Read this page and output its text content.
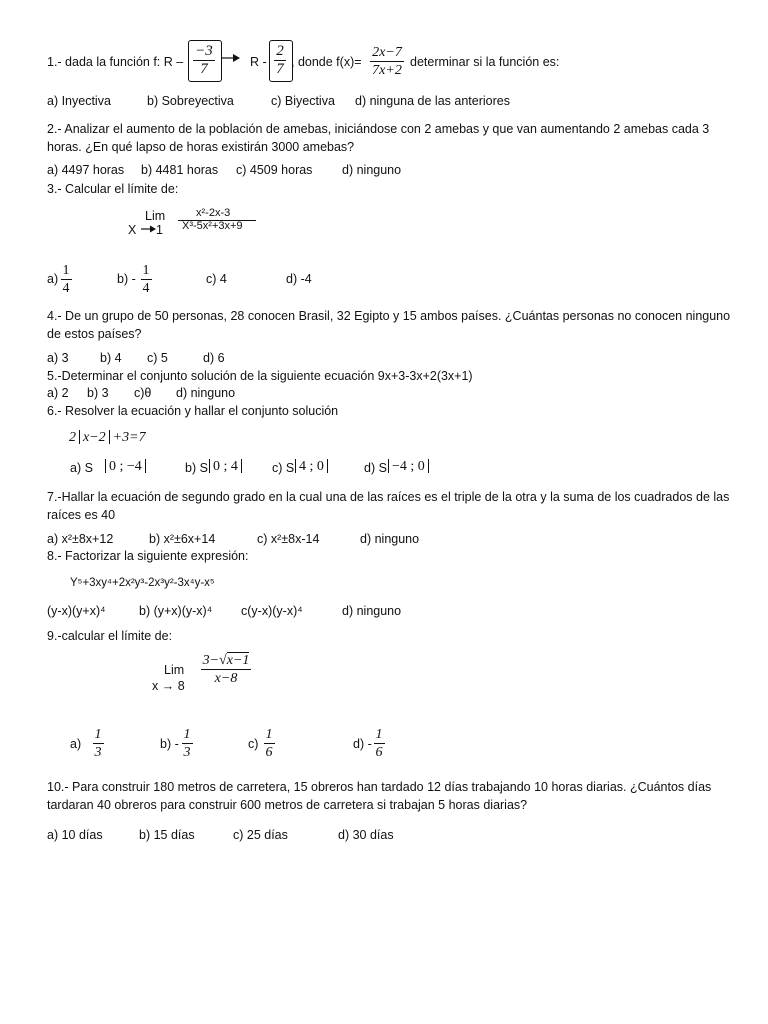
1.- dada la función f: R – $\frac{-3}{7}$	R - $\frac{2}{7}$ , donde $f(x)= \frac{2x-7}{7x+2}$ determinar si la función es:
a) Inyectiva	b) Sobreyectiva	c) Biyectiva d) ninguna de las anteriores
2.- Analizar el aumento de la población de amebas, iniciándose con 2 amebas y que van aumentando 2 amebas cada 3 horas. ¿En qué lapso de horas existirán 3000 amebas?
a) 4497 horas b) 4481 horas c) 4509 horas d) ninguno
3.- Calcular el límite de:
Lim
X 1
x²-2x-3
X³-5x²+3x+9
$a) \frac{1}{4}$	$b) - \frac{1}{4}$	c) 4	d) -4
4.- De un grupo de 50 personas, 28 conocen Brasil, 32 Egipto y 15 ambos países. ¿Cuántas personas no conocen ninguno de estos países?
a) 3	b) 4 c) 5	d) 6
5.-Determinar el conjunto solución de la siguiente ecuación 9x+3-3x+2(3x+1)
a) 2 b) 3 c)θ d) ninguno
6.- Resolver la ecuación y hallar el conjunto solución
2 x−2 +3=7
a) S	0 ; −4	b) S 0 ; 4	c) S 4 ; 0	d) S −4 ; 0
7.-Hallar la ecuación de segundo grado en la cual una de las raíces es el triple de la otra y la suma de los cuadrados de las raíces es 40
a) x²±8x+12	b) x²±6x+14	c) x²±8x-14	d) ninguno
8.- Factorizar la siguiente expresión:
Y⁵+3xy⁴+2x²y³-2x³y²-3x⁴y-x⁵
(y-x)(y+x)⁴	b) (y+x)(y-x)⁴ c(y-x)(y-x)⁴	d) ninguno
9.-calcular el límite de:
Lim
$x \to 8 \frac{3-√x-1}{x-8}$
$a) \frac{1}{3}$	$b) - \frac{1}{3}$	$c) \frac{1}{6}$	$d) - \frac{1}{6}$
10.- Para construir 180 metros de carretera, 15 obreros han tardado 12 días trabajando 10 horas diarias. ¿Cuántos días tardaran 40 obreros para construir 600 metros de carretera si trabajan 5 horas diarias?
a) 10 días	b) 15 días	c) 25 días	d) 30 días
